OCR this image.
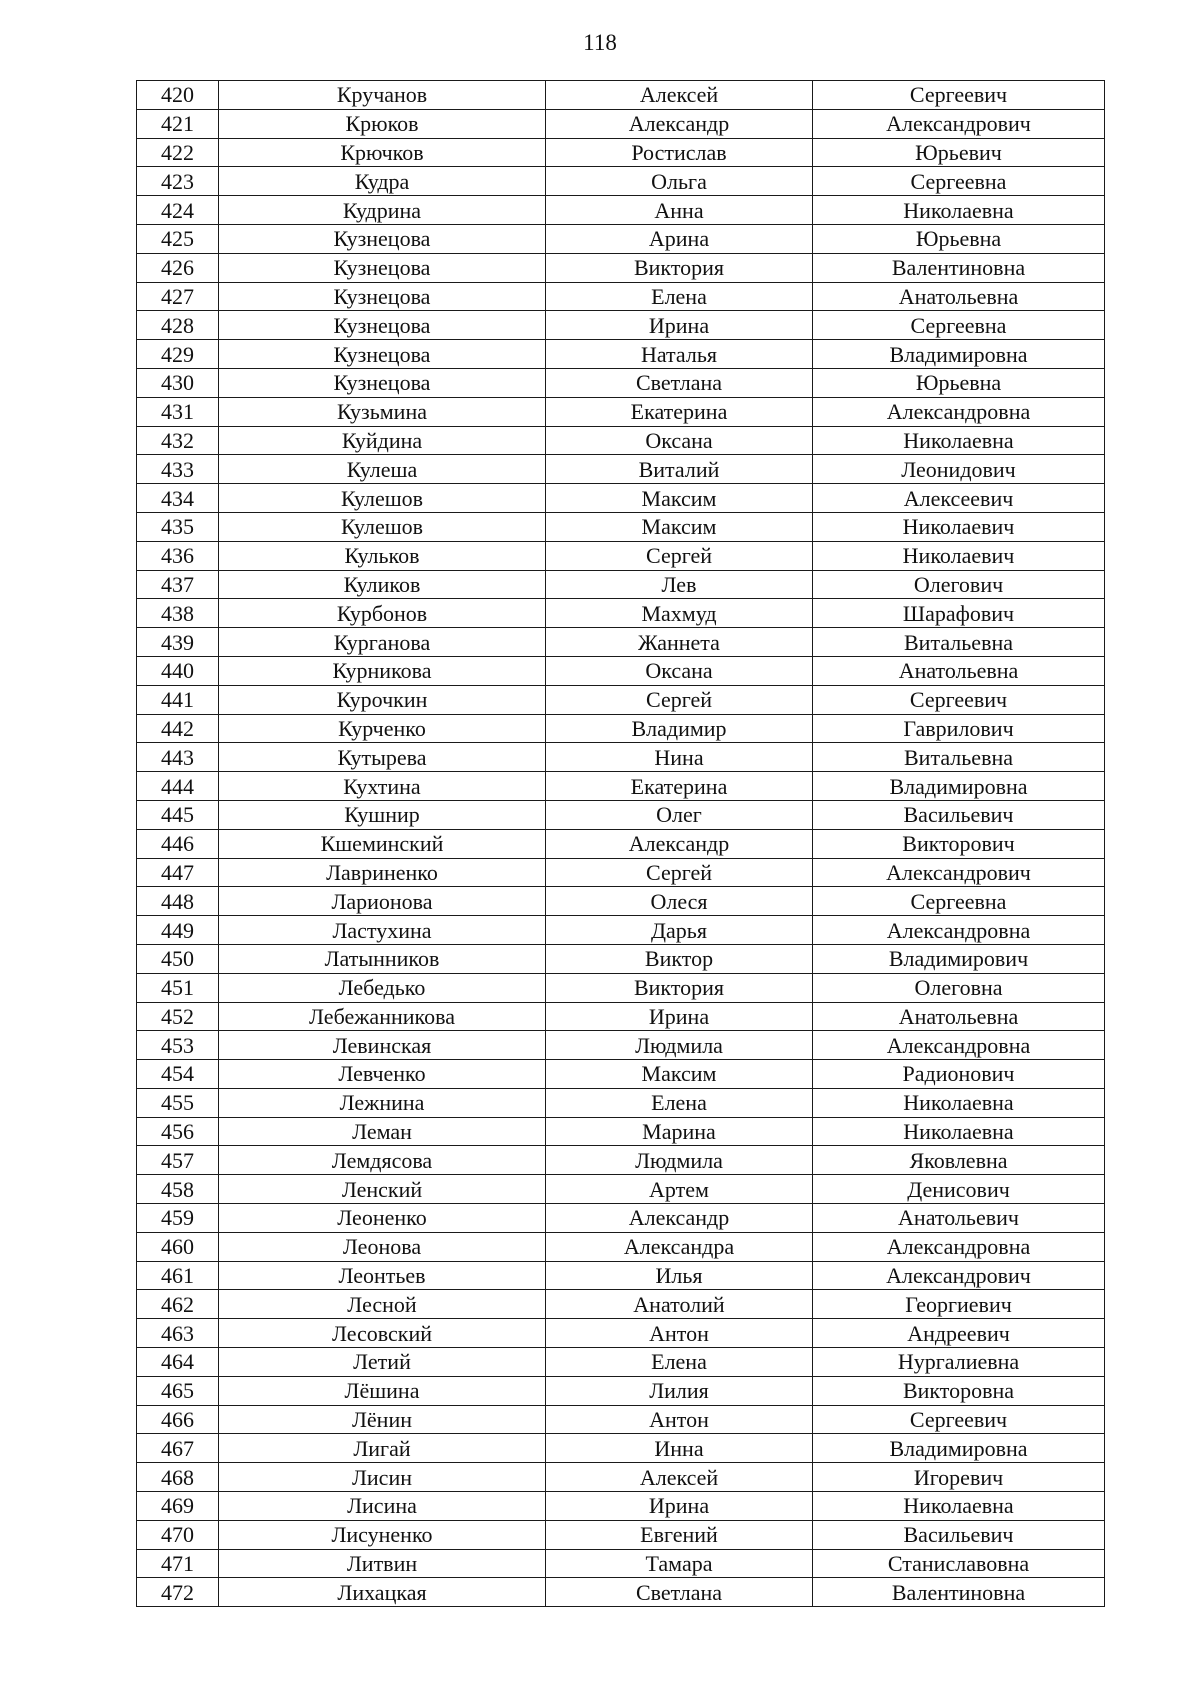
118
420	Кручанов	Алексей	Сергеевич
421	Крюков	Александр	Александрович
422	Крючков	Ростислав	Юрьевич
423	Кудра	Ольга	Сергеевна
424	Кудрина	Анна	Николаевна
425	Кузнецова	Арина	Юрьевна
426	Кузнецова	Виктория	Валентиновна
427	Кузнецова	Елена	Анатольевна
428	Кузнецова	Ирина	Сергеевна
429	Кузнецова	Наталья	Владимировна
430	Кузнецова	Светлана	Юрьевна
431	Кузьмина	Екатерина	Александровна
432	Куйдина	Оксана	Николаевна
433	Кулеша	Виталий	Леонидович
434	Кулешов	Максим	Алексеевич
435	Кулешов	Максим	Николаевич
436	Кульков	Сергей	Николаевич
437	Куликов	Лев	Олегович
438	Курбонов	Махмуд	Шарафович
439	Курганова	Жаннета	Витальевна
440	Курникова	Оксана	Анатольевна
441	Курочкин	Сергей	Сергеевич
442	Курченко	Владимир	Гаврилович
443	Кутырева	Нина	Витальевна
444	Кухтина	Екатерина	Владимировна
445	Кушнир	Олег	Васильевич
446	Кшеминский	Александр	Викторович
447	Лавриненко	Сергей	Александрович
448	Ларионова	Олеся	Сергеевна
449	Ластухина	Дарья	Александровна
450	Латынников	Виктор	Владимирович
451	Лебедько	Виктория	Олеговна
452	Лебежанникова	Ирина	Анатольевна
453	Левинская	Людмила	Александровна
454	Левченко	Максим	Радионович
455	Лежнина	Елена	Николаевна
456	Леман	Марина	Николаевна
457	Лемдясова	Людмила	Яковлевна
458	Ленский	Артем	Денисович
459	Леоненко	Александр	Анатольевич
460	Леонова	Александра	Александровна
461	Леонтьев	Илья	Александрович
462	Лесной	Анатолий	Георгиевич
463	Лесовский	Антон	Андреевич
464	Летий	Елена	Нургалиевна
465	Лёшина	Лилия	Викторовна
466	Лёнин	Антон	Сергеевич
467	Лигай	Инна	Владимировна
468	Лисин	Алексей	Игоревич
469	Лисина	Ирина	Николаевна
470	Лисуненко	Евгений	Васильевич
471	Литвин	Тамара	Станиславовна
472	Лихацкая	Светлана	Валентиновна
